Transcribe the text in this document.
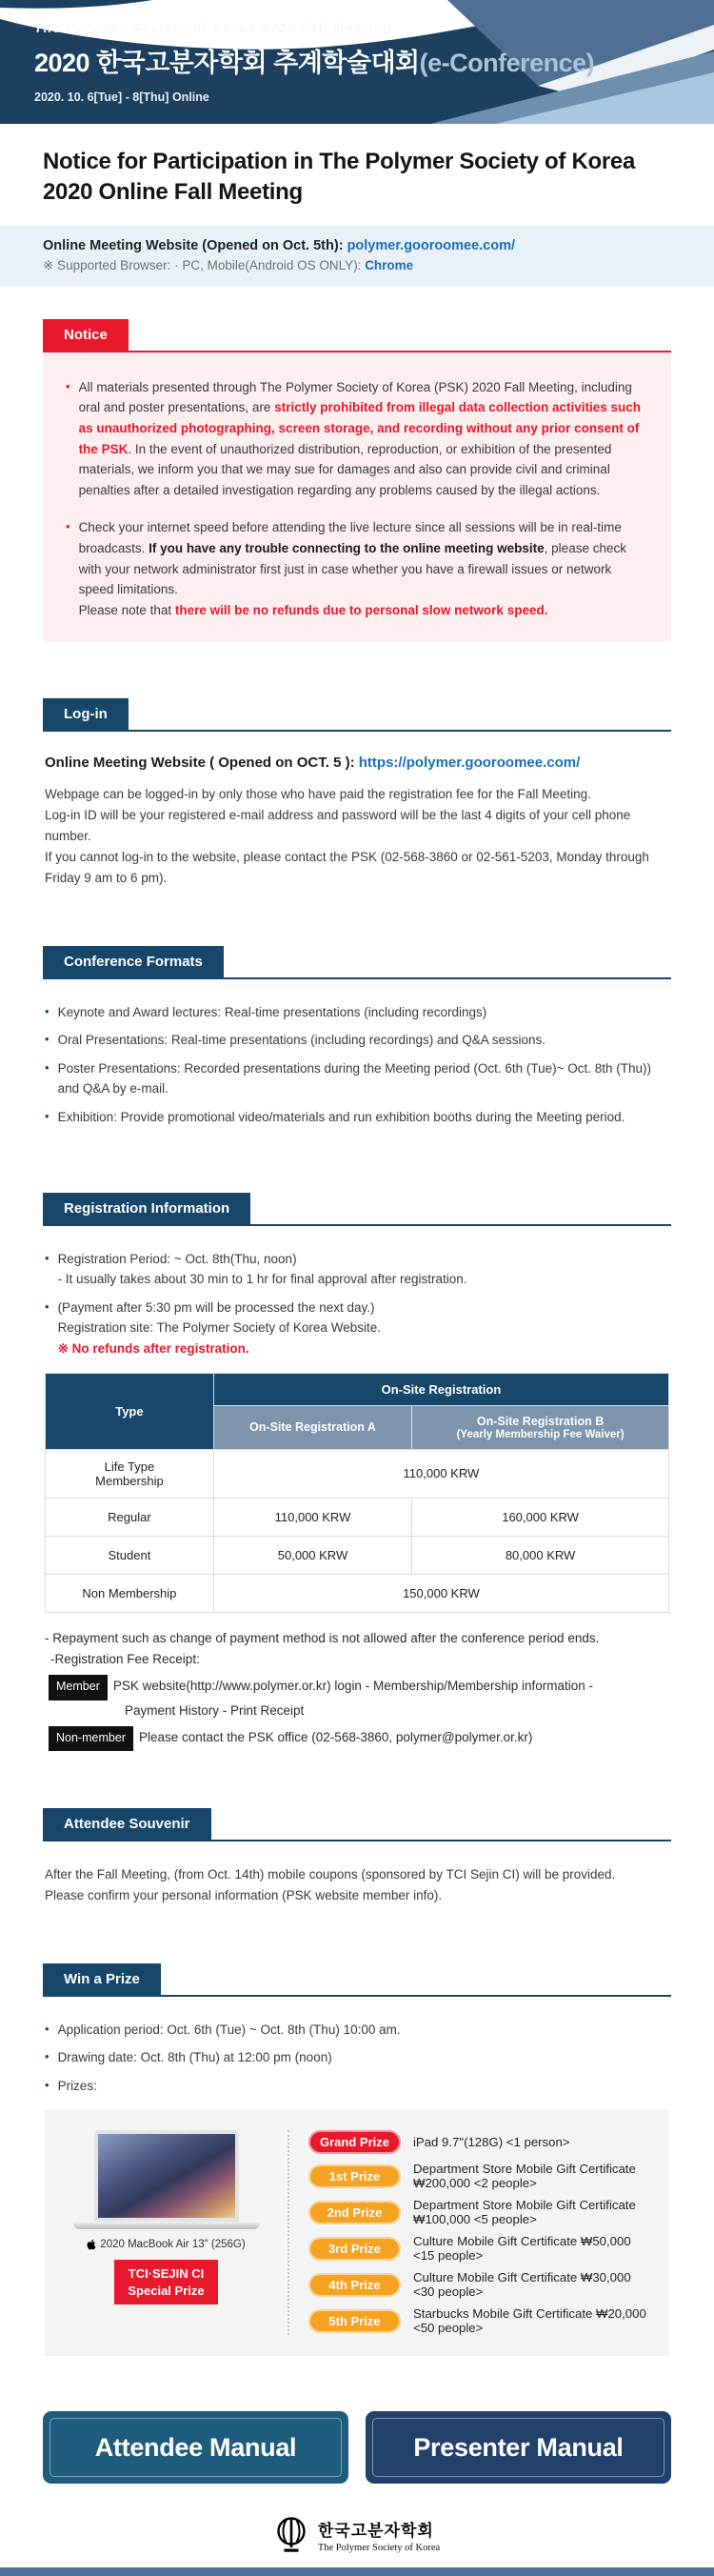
The Polymer Society of Korea 2020 Fall Meeting
2020 한국고분자학회 추계학술대회(e-Conference)
2020. 10. 6[Tue] - 8[Thu] Online
Notice for Participation in The Polymer Society of Korea 2020 Online Fall Meeting
Online Meeting Website (Opened on Oct. 5th): polymer.gooroomee.com/
※ Supported Browser: · PC, Mobile(Android OS ONLY): Chrome
Notice
• All materials presented through The Polymer Society of Korea (PSK) 2020 Fall Meeting, including oral and poster presentations, are strictly prohibited from illegal data collection activities such as unauthorized photographing, screen storage, and recording without any prior consent of the PSK. In the event of unauthorized distribution, reproduction, or exhibition of the presented materials, we inform you that we may sue for damages and also can provide civil and criminal penalties after a detailed investigation regarding any problems caused by the illegal actions.
• Check your internet speed before attending the live lecture since all sessions will be in real-time broadcasts. If you have any trouble connecting to the online meeting website, please check with your network administrator first just in case whether you have a firewall issues or network speed limitations.
Please note that there will be no refunds due to personal slow network speed.
Log-in
Online Meeting Website ( Opened on OCT. 5 ): https://polymer.gooroomee.com/
Webpage can be logged-in by only those who have paid the registration fee for the Fall Meeting.
Log-in ID will be your registered e-mail address and password will be the last 4 digits of your cell phone number.
If you cannot log-in to the website, please contact the PSK (02-568-3860 or 02-561-5203, Monday through Friday 9 am to 6 pm).
Conference Formats
• Keynote and Award lectures: Real-time presentations (including recordings)
• Oral Presentations: Real-time presentations (including recordings) and Q&A sessions.
• Poster Presentations: Recorded presentations during the Meeting period (Oct. 6th (Tue)~ Oct. 8th (Thu)) and Q&A by e-mail.
• Exhibition: Provide promotional video/materials and run exhibition booths during the Meeting period.
Registration Information
• Registration Period: ~ Oct. 8th(Thu, noon)
- It usually takes about 30 min to 1 hr for final approval after registration.
• (Payment after 5:30 pm will be processed the next day.)
Registration site: The Polymer Society of Korea Website.
※ No refunds after registration.
Type	On-Site Registration	
	On-Site Registration A	On-Site Registration B
(Yearly Membership Fee Waiver)

Life Type Membership	110,000 KRW	
Regular	110,000 KRW	160,000 KRW
Student	50,000 KRW	80,000 KRW
Non Membership	150,000 KRW	
- Repayment such as change of payment method is not allowed after the conference period ends.
-Registration Fee Receipt:
Member PSK website(http://www.polymer.or.kr) login - Membership/Membership information -
Payment History - Print Receipt
Non-member Please contact the PSK office (02-568-3860, polymer@polymer.or.kr)
Attendee Souvenir
After the Fall Meeting, (from Oct. 14th) mobile coupons (sponsored by TCI Sejin CI) will be provided.
Please confirm your personal information (PSK website member info).
Win a Prize
• Application period: Oct. 6th (Tue) ~ Oct. 8th (Thu) 10:00 am.
• Drawing date: Oct. 8th (Thu) at 12:00 pm (noon)
• Prizes:
2020 MacBook Air 13" (256G)
TCI·SEJIN CI
Special Prize
Grand Prize	iPad 9.7"(128G) <1 person>
1st Prize	Department Store Mobile Gift Certificate ₩200,000 <2 people>
2nd Prize	Department Store Mobile Gift Certificate ₩100,000 <5 people>
3rd Prize	Culture Mobile Gift Certificate ₩50,000 <15 people>
4th Prize	Culture Mobile Gift Certificate ₩30,000 <30 people>
5th Prize	Starbucks Mobile Gift Certificate ₩20,000 <50 people>
Attendee Manual	Presenter Manual
한국고분자학회
The Polymer Society of Korea
